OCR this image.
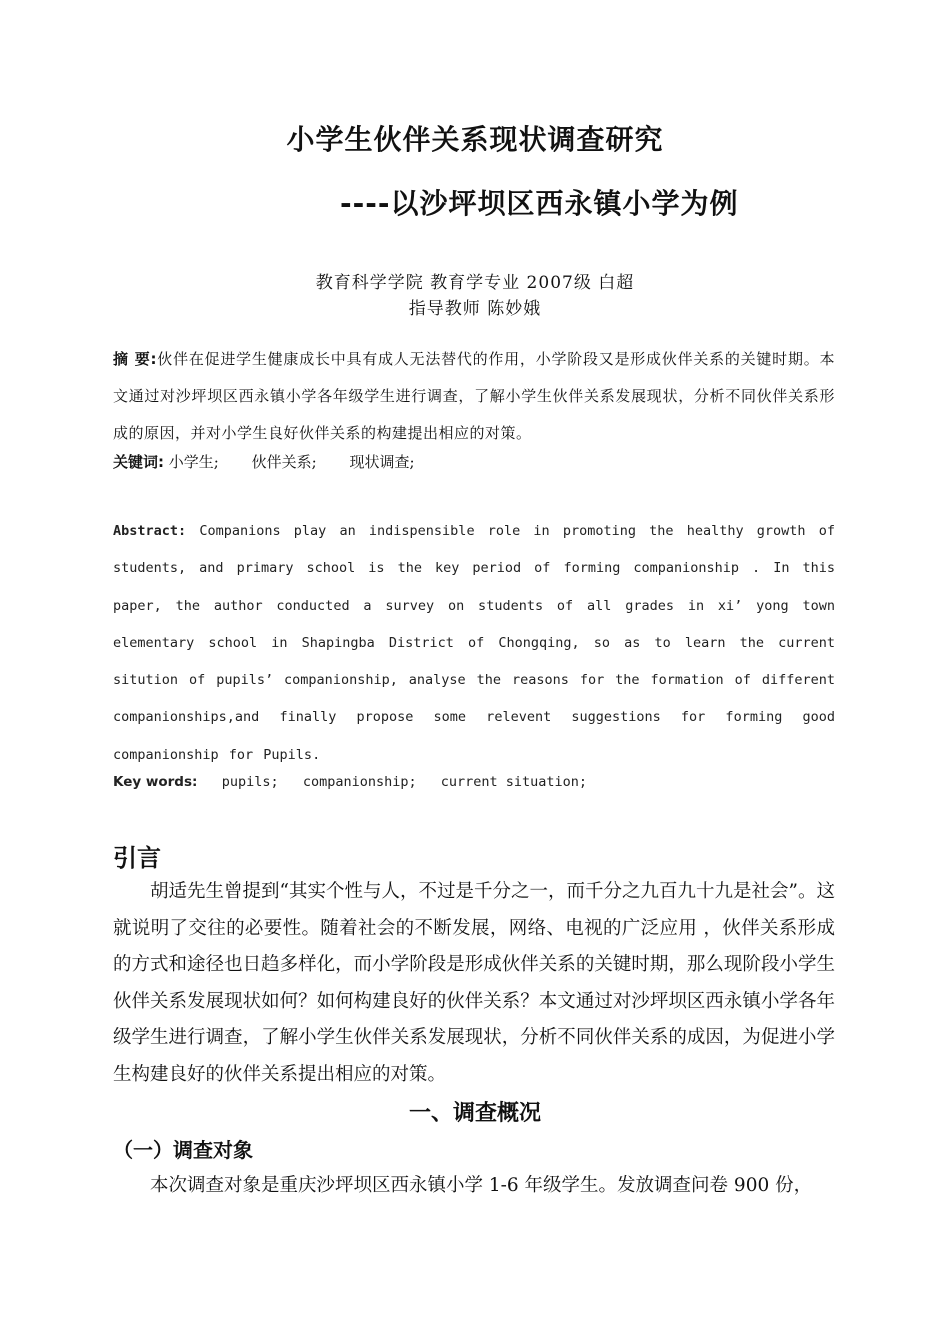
小学生伙伴关系现状调查研究
----以沙坪坝区西永镇小学为例
教育科学学院 教育学专业 2007级 白超
指导教师 陈妙娥
摘 要:伙伴在促进学生健康成长中具有成人无法替代的作用，小学阶段又是形成伙伴关系的关键时期。本文通过对沙坪坝区西永镇小学各年级学生进行调查，了解小学生伙伴关系发展现状，分析不同伙伴关系形成的原因，并对小学生良好伙伴关系的构建提出相应的对策。
关键词: 小学生; 伙伴关系; 现状调查;
Abstract: Companions play an indispensible role in promoting the healthy growth of students, and primary school is the key period of forming companionship . In this paper, the author conducted a survey on students of all grades in xi’ yong town elementary school in Shapingba District of Chongqing, so as to learn the current sitution of pupils’ companionship, analyse the reasons for the formation of different companionships,and finally propose some relevent suggestions for forming good companionship for Pupils.
Key words: pupils; companionship; current situation;
引言
胡适先生曾提到“其实个性与人，不过是千分之一，而千分之九百九十九是社会”。这就说明了交往的必要性。随着社会的不断发展，网络、电视的广泛应用 ，伙伴关系形成的方式和途径也日趋多样化，而小学阶段是形成伙伴关系的关键时期，那么现阶段小学生伙伴关系发展现状如何？如何构建良好的伙伴关系？本文通过对沙坪坝区西永镇小学各年级学生进行调查，了解小学生伙伴关系发展现状，分析不同伙伴关系的成因，为促进小学生构建良好的伙伴关系提出相应的对策。
一、调查概况
（一）调查对象
本次调查对象是重庆沙坪坝区西永镇小学 1-6 年级学生。发放调查问卷 900 份，
